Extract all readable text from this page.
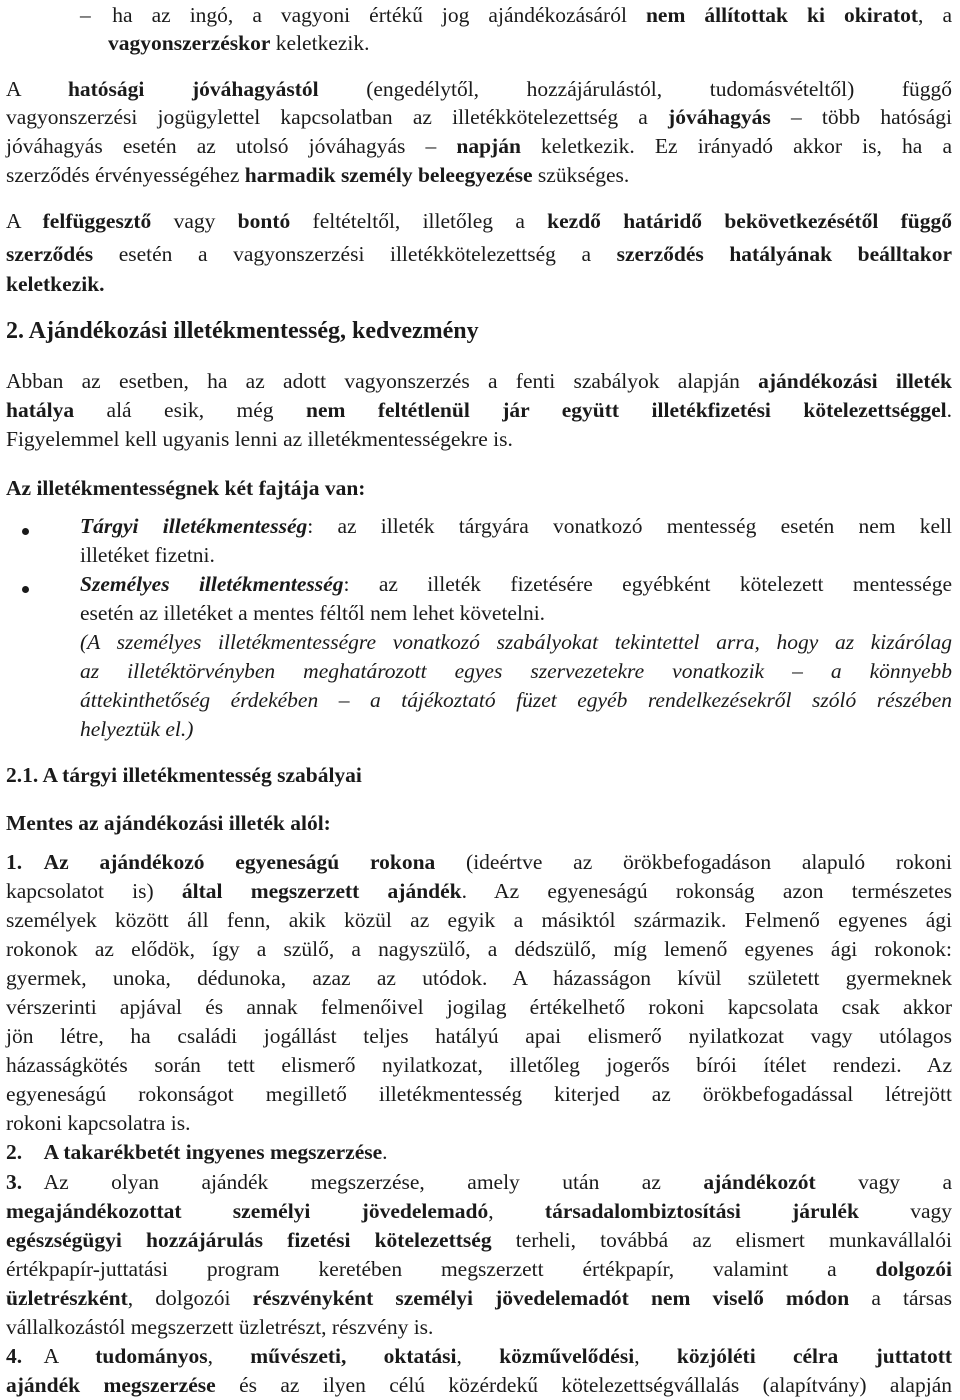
– ha az ingó, a vagyoni értékű jog ajándékozásáról nem állítottak ki okiratot, a
vagyonszerzéskor keletkezik.
A hatósági jóváhagyástól (engedélytől, hozzájárulástól, tudomásvételtől) függő
vagyonszerzési jogügylettel kapcsolatban az illetékkötelezettség a jóváhagyás – több hatósági
jóváhagyás esetén az utolsó jóváhagyás – napján keletkezik. Ez irányadó akkor is, ha a
szerződés érvényességéhez harmadik személy beleegyezése szükséges.
A felfüggesztő vagy bontó feltételtől, illetőleg a kezdő határidő bekövetkezésétől függő
szerződés esetén a vagyonszerzési illetékkötelezettség a szerződés hatályának beálltakor
keletkezik.
2. Ajándékozási illetékmentesség, kedvezmény
Abban az esetben, ha az adott vagyonszerzés a fenti szabályok alapján ajándékozási illeték
hatálya alá esik, még nem feltétlenül jár együtt illetékfizetési kötelezettséggel.
Figyelemmel kell ugyanis lenni az illetékmentességekre is.
Az illetékmentességnek két fajtája van:
Tárgyi illetékmentesség: az illeték tárgyára vonatkozó mentesség esetén nem kell
illetéket fizetni.
Személyes illetékmentesség: az illeték fizetésére egyébként kötelezett mentessége
esetén az illetéket a mentes féltől nem lehet követelni.
(A személyes illetékmentességre vonatkozó szabályokat tekintettel arra, hogy az kizárólag
az illetéktörvényben meghatározott egyes szervezetekre vonatkozik – a könnyebb
áttekinthetőség érdekében – a tájékoztató füzet egyéb rendelkezésekről szóló részében
helyeztük el.)
2.1. A tárgyi illetékmentesség szabályai
Mentes az ajándékozási illeték alól:
1.  Az ajándékozó egyeneságú rokona (ideértve az örökbefogadáson alapuló rokoni
kapcsolatot is) által megszerzett ajándék. Az egyeneságú rokonság azon természetes
személyek között áll fenn, akik közül az egyik a másiktól származik. Felmenő egyenes ági
rokonok az elődök, így a szülő, a nagyszülő, a dédszülő, míg lemenő egyenes ági rokonok:
gyermek, unoka, dédunoka, azaz az utódok. A házasságon kívül született gyermeknek
vérszerinti apjával és annak felmenőivel jogilag értékelhető rokoni kapcsolata csak akkor
jön létre, ha családi jogállást teljes hatályú apai elismerő nyilatkozat vagy utólagos
házasságkötés során tett elismerő nyilatkozat, illetőleg jogerős bírói ítélet rendezi. Az
egyeneságú rokonságot megillető illetékmentesség kiterjed az örökbefogadással létrejött
rokoni kapcsolatra is.
2.  A takarékbetét ingyenes megszerzése.
3. Az olyan ajándék megszerzése, amely után az ajándékozót vagy a
megajándékozottat személyi jövedelemadó, társadalombiztosítási járulék vagy
egészségügyi hozzájárulás fizetési kötelezettség terheli, továbbá az elismert munkavállalói
értékpapír-juttatási program keretében megszerzett értékpapír, valamint a dolgozói
üzletrészként, dolgozói részvényként személyi jövedelemadót nem viselő módon a társas
vállalkozástól megszerzett üzletrészt, részvény is.
4. A tudományos, művészeti, oktatási, közművelődési, közjóléti célra juttatott
ajándék megszerzése és az ilyen célú közérdekű kötelezettségvállalás (alapítvány) alapján
